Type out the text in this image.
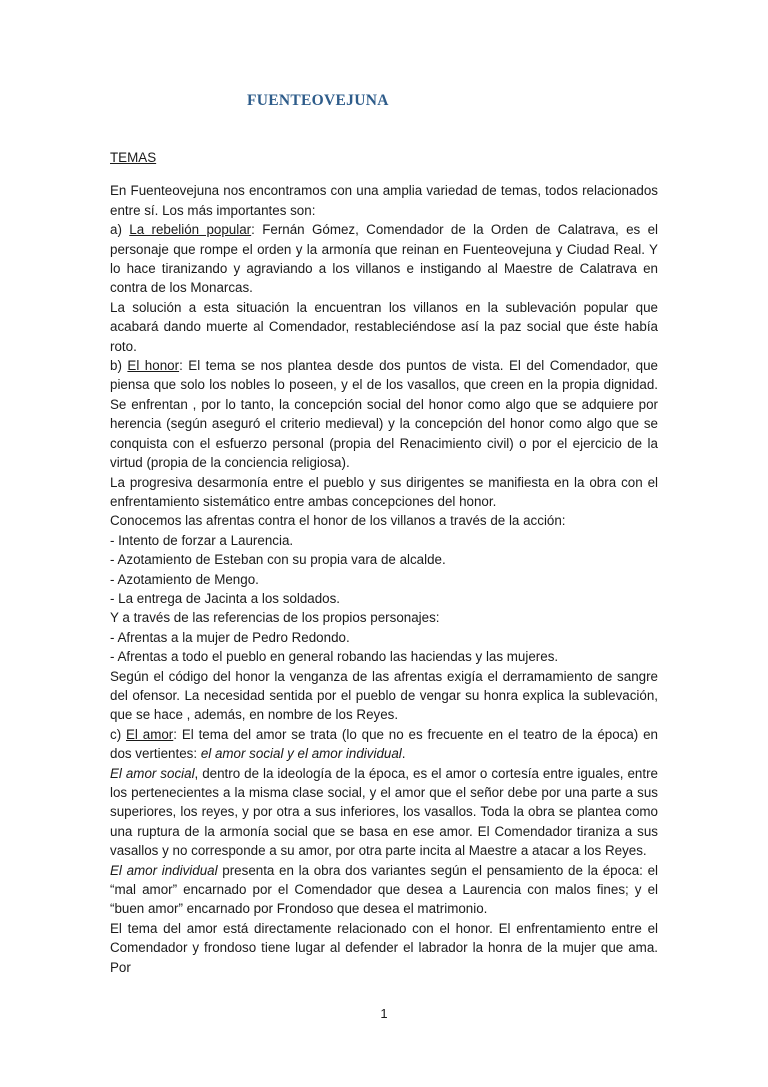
FUENTEOVEJUNA

TEMAS

En Fuenteovejuna nos encontramos con una amplia variedad de temas, todos relacionados entre sí. Los más importantes son:

a) La rebelión popular: Fernán Gómez, Comendador de la Orden de Calatrava, es el personaje que rompe el orden y la armonía que reinan en Fuenteovejuna y Ciudad Real. Y lo hace tiranizando y agraviando a los villanos e instigando al Maestre de Calatrava en contra de los Monarcas.

La solución a esta situación la encuentran los villanos en la sublevación popular que acabará dando muerte al Comendador, restableciéndose así la paz social que éste había roto.

b) El honor: El tema se nos plantea desde dos puntos de vista. El del Comendador, que piensa que solo los nobles lo poseen, y el de los vasallos, que creen en la propia dignidad. Se enfrentan , por lo tanto, la concepción social del honor como algo que se adquiere por herencia (según aseguró el criterio medieval) y la concepción del honor como algo que se conquista con el esfuerzo personal (propia del Renacimiento civil) o por el ejercicio de la virtud (propia de la conciencia religiosa).

La progresiva desarmonía entre el pueblo y sus dirigentes se manifiesta en la obra con el enfrentamiento sistemático entre ambas concepciones del honor.

Conocemos las afrentas contra el honor de los villanos a través de la acción:

- Intento de forzar a Laurencia.

- Azotamiento de Esteban con su propia vara de alcalde.

- Azotamiento de Mengo.

- La entrega de Jacinta a los soldados.

Y a través de las referencias de los propios personajes:

- Afrentas a la mujer de Pedro Redondo.

- Afrentas a todo el pueblo en general robando las haciendas y las mujeres.

Según el código del honor la venganza de las afrentas exigía el derramamiento de sangre del ofensor. La necesidad sentida por el pueblo de vengar su honra explica la sublevación, que se hace , además, en nombre de los Reyes.

c) El amor: El tema del amor se trata (lo que no es frecuente en el teatro de la época) en dos vertientes: el amor social y el amor individual.

El amor social, dentro de la ideología de la época, es el amor o cortesía entre iguales, entre los pertenecientes a la misma clase social, y el amor que el señor debe por una parte a sus superiores, los reyes, y por otra a sus inferiores, los vasallos. Toda la obra se plantea como una ruptura de la armonía social que se basa en ese amor. El Comendador tiraniza a sus vasallos y no corresponde a su amor, por otra parte incita al Maestre a atacar a los Reyes.

El amor individual presenta en la obra dos variantes según el pensamiento de la época: el “mal amor” encarnado por el Comendador que desea a Laurencia con malos fines; y el “buen amor” encarnado por Frondoso que desea el matrimonio.

El tema del amor está directamente relacionado con el honor. El enfrentamiento entre el Comendador y frondoso tiene lugar al defender el labrador la honra de la mujer que ama. Por

1
